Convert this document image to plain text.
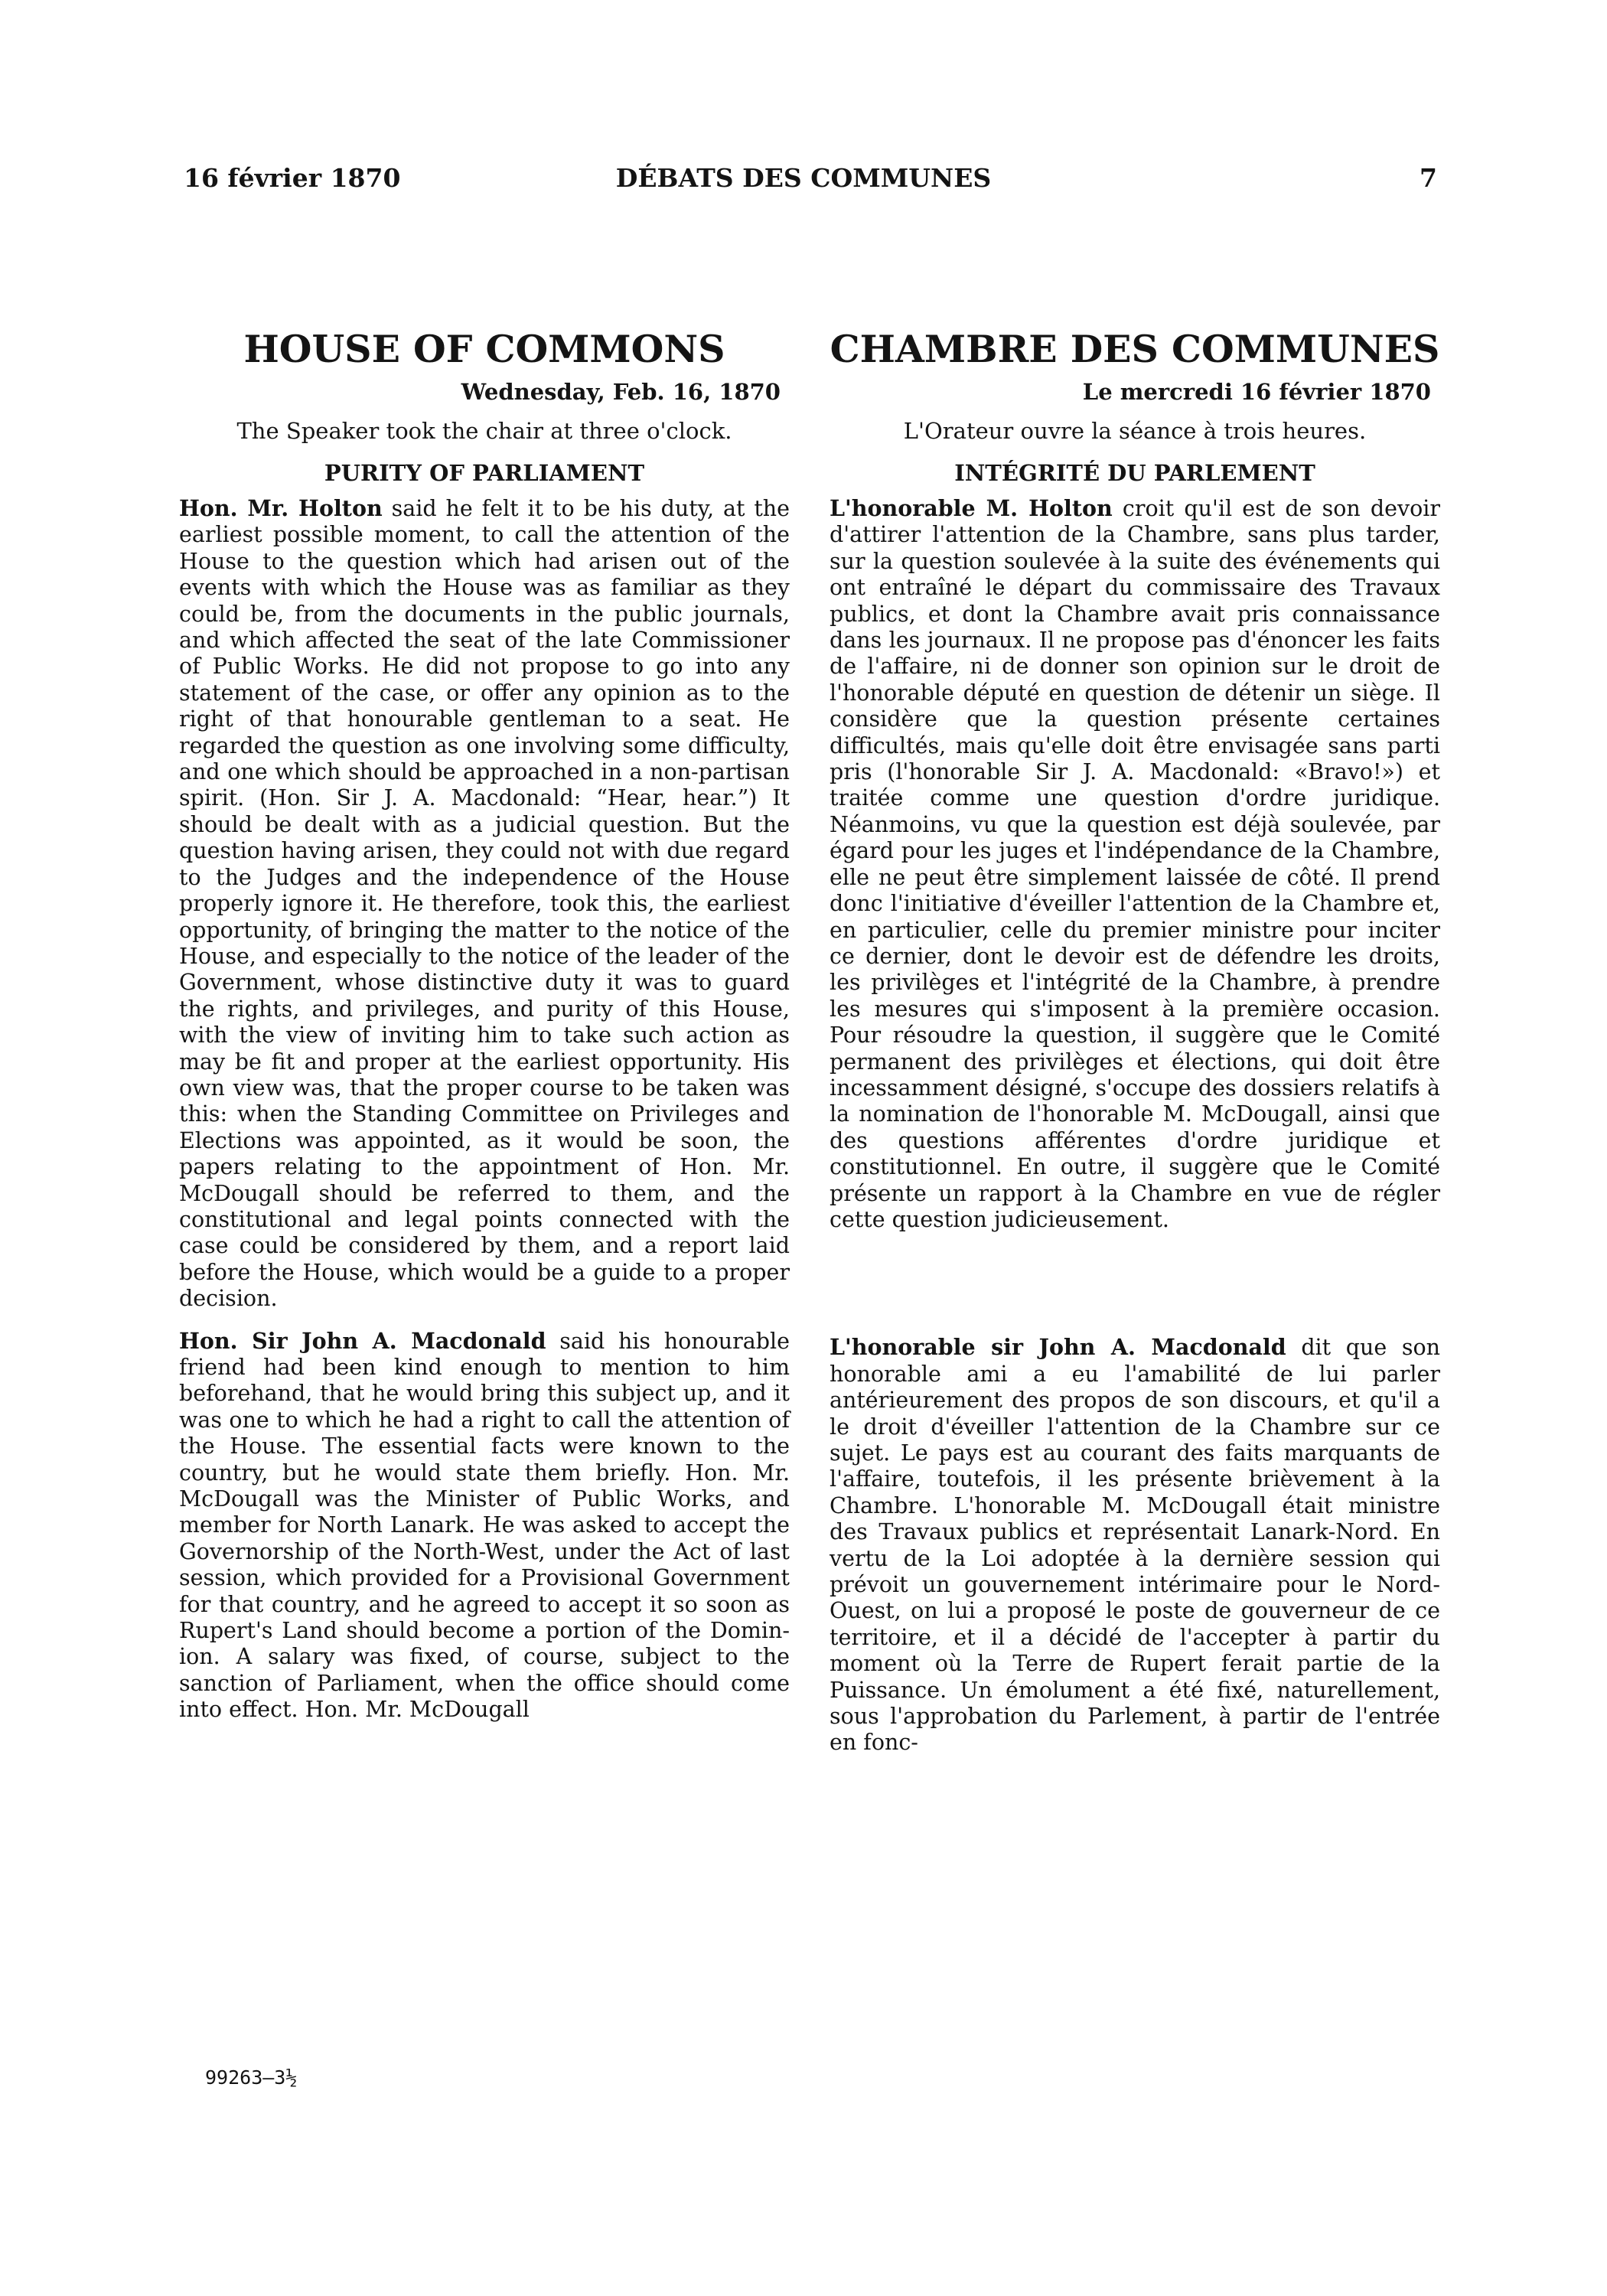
16 février 1870	DÉBATS DES COMMUNES	7
HOUSE OF COMMONS
Wednesday, Feb. 16, 1870
The Speaker took the chair at three o'clock.
PURITY OF PARLIAMENT

Hon. Mr. Holton said he felt it to be his duty, at the earliest possible moment, to call the attention of the House to the question which had arisen out of the events with which the House was as familiar as they could be, from the documents in the public journals, and which affected the seat of the late Commissioner of Public Works. He did not propose to go into any statement of the case, or offer any opinion as to the right of that honourable gentleman to a seat. He regarded the question as one involving some difficulty, and one which should be approached in a non-partisan spirit. (Hon. Sir J. A. Macdonald: “Hear, hear.”) It should be dealt with as a judicial question. But the question having arisen, they could not with due regard to the Judges and the independence of the House properly ignore it. He therefore, took this, the earliest opportunity, of bringing the matter to the notice of the House, and especially to the notice of the leader of the Government, whose distinctive duty it was to guard the rights, and privileges, and purity of this House, with the view of inviting him to take such action as may be fit and proper at the earliest opportunity. His own view was, that the proper course to be taken was this: when the Standing Committee on Privileges and Elections was appointed, as it would be soon, the papers relating to the appointment of Hon. Mr. McDougall should be referred to them, and the constitutional and legal points connected with the case could be considered by them, and a report laid before the House, which would be a guide to a proper decision.

Hon. Sir John A. Macdonald said his honourable friend had been kind enough to mention to him beforehand, that he would bring this subject up, and it was one to which he had a right to call the attention of the House. The essential facts were known to the country, but he would state them briefly. Hon. Mr. McDougall was the Minister of Public Works, and member for North Lanark. He was asked to accept the Governorship of the North-West, under the Act of last session, which provided for a Provisional Government for that country, and he agreed to accept it so soon as Rupert's Land should become a portion of the Dominion. A salary was fixed, of course, subject to the sanction of Parliament, when the office should come into effect. Hon. Mr. McDougall

CHAMBRE DES COMMUNES
Le mercredi 16 février 1870
L'Orateur ouvre la séance à trois heures.
INTÉGRITÉ DU PARLEMENT

L'honorable M. Holton croit qu'il est de son devoir d'attirer l'attention de la Chambre, sans plus tarder, sur la question soulevée à la suite des événements qui ont entraîné le départ du commissaire des Travaux publics, et dont la Chambre avait pris connaissance dans les journaux. Il ne propose pas d'énoncer les faits de l'affaire, ni de donner son opinion sur le droit de l'honorable député en question de détenir un siège. Il considère que la question présente certaines difficultés, mais qu'elle doit être envisagée sans parti pris (l'honorable Sir J. A. Macdonald: «Bravo!») et traitée comme une question d'ordre juridique. Néanmoins, vu que la question est déjà soulevée, par égard pour les juges et l'indépendance de la Chambre, elle ne peut être simplement laissée de côté. Il prend donc l'initiative d'éveiller l'attention de la Chambre et, en particulier, celle du premier ministre pour inciter ce dernier, dont le devoir est de défendre les droits, les privilèges et l'intégrité de la Chambre, à prendre les mesures qui s'imposent à la première occasion. Pour résoudre la question, il suggère que le Comité permanent des privilèges et élections, qui doit être incessamment désigné, s'occupe des dossiers relatifs à la nomination de l'honorable M. McDougall, ainsi que des questions afférentes d'ordre juridique et constitutionnel. En outre, il suggère que le Comité présente un rapport à la Chambre en vue de régler cette question judicieusement.

L'honorable sir John A. Macdonald dit que son honorable ami a eu l'amabilité de lui parler antérieurement des propos de son discours, et qu'il a le droit d'éveiller l'attention de la Chambre sur ce sujet. Le pays est au courant des faits marquants de l'affaire, toutefois, il les présente brièvement à la Chambre. L'honorable M. McDougall était ministre des Travaux publics et représentait Lanark-Nord. En vertu de la Loi adoptée à la dernière session qui prévoit un gouvernement intérimaire pour le Nord-Ouest, on lui a proposé le poste de gouverneur de ce territoire, et il a décidé de l'accepter à partir du moment où la Terre de Rupert ferait partie de la Puissance. Un émolument a été fixé, naturellement, sous l'approbation du Parlement, à partir de l'entrée en fonc-

99263—3½
